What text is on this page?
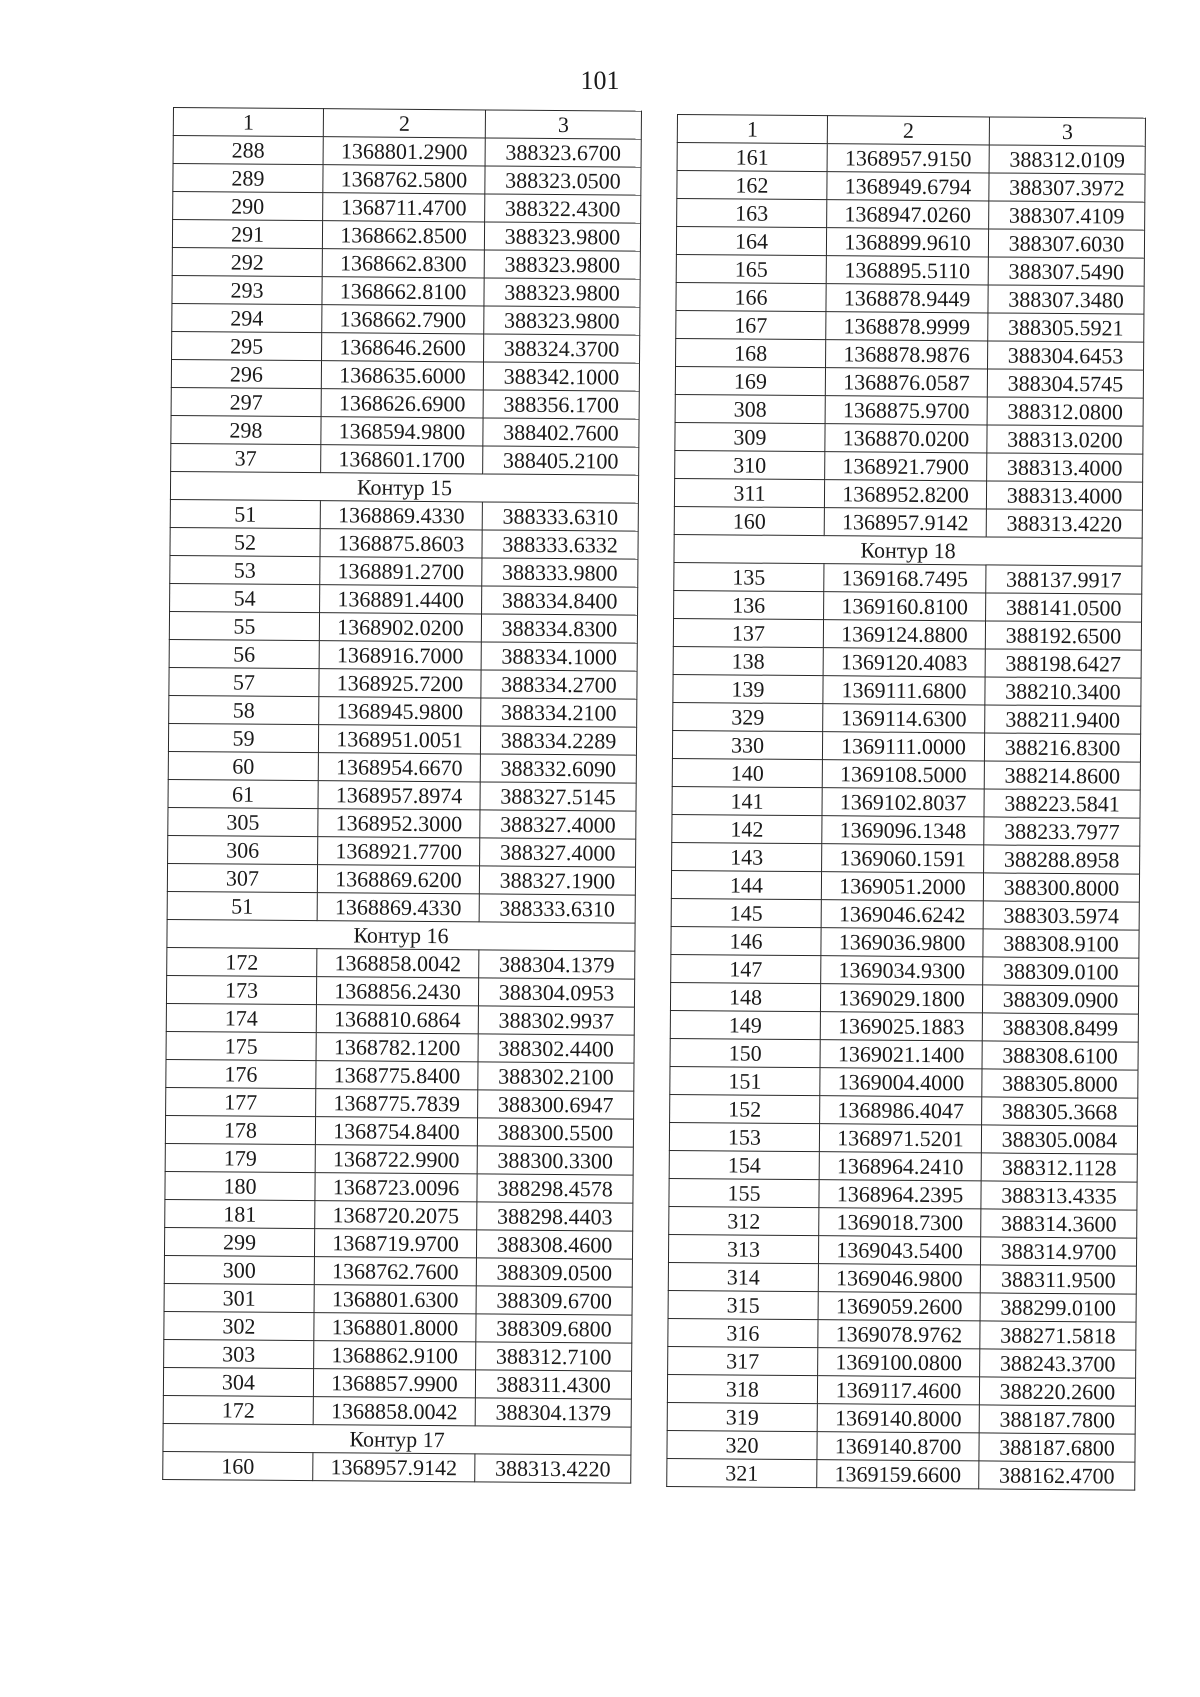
101
1	2	3
288	1368801.2900	388323.6700
289	1368762.5800	388323.0500
290	1368711.4700	388322.4300
291	1368662.8500	388323.9800
292	1368662.8300	388323.9800
293	1368662.8100	388323.9800
294	1368662.7900	388323.9800
295	1368646.2600	388324.3700
296	1368635.6000	388342.1000
297	1368626.6900	388356.1700
298	1368594.9800	388402.7600
37	1368601.1700	388405.2100
Контур 15		
51	1368869.4330	388333.6310
52	1368875.8603	388333.6332
53	1368891.2700	388333.9800
54	1368891.4400	388334.8400
55	1368902.0200	388334.8300
56	1368916.7000	388334.1000
57	1368925.7200	388334.2700
58	1368945.9800	388334.2100
59	1368951.0051	388334.2289
60	1368954.6670	388332.6090
61	1368957.8974	388327.5145
305	1368952.3000	388327.4000
306	1368921.7700	388327.4000
307	1368869.6200	388327.1900
51	1368869.4330	388333.6310
Контур 16		
172	1368858.0042	388304.1379
173	1368856.2430	388304.0953
174	1368810.6864	388302.9937
175	1368782.1200	388302.4400
176	1368775.8400	388302.2100
177	1368775.7839	388300.6947
178	1368754.8400	388300.5500
179	1368722.9900	388300.3300
180	1368723.0096	388298.4578
181	1368720.2075	388298.4403
299	1368719.9700	388308.4600
300	1368762.7600	388309.0500
301	1368801.6300	388309.6700
302	1368801.8000	388309.6800
303	1368862.9100	388312.7100
304	1368857.9900	388311.4300
172	1368858.0042	388304.1379
Контур 17		
160	1368957.9142	388313.4220
1	2	3
161	1368957.9150	388312.0109
162	1368949.6794	388307.3972
163	1368947.0260	388307.4109
164	1368899.9610	388307.6030
165	1368895.5110	388307.5490
166	1368878.9449	388307.3480
167	1368878.9999	388305.5921
168	1368878.9876	388304.6453
169	1368876.0587	388304.5745
308	1368875.9700	388312.0800
309	1368870.0200	388313.0200
310	1368921.7900	388313.4000
311	1368952.8200	388313.4000
160	1368957.9142	388313.4220
Контур 18		
135	1369168.7495	388137.9917
136	1369160.8100	388141.0500
137	1369124.8800	388192.6500
138	1369120.4083	388198.6427
139	1369111.6800	388210.3400
329	1369114.6300	388211.9400
330	1369111.0000	388216.8300
140	1369108.5000	388214.8600
141	1369102.8037	388223.5841
142	1369096.1348	388233.7977
143	1369060.1591	388288.8958
144	1369051.2000	388300.8000
145	1369046.6242	388303.5974
146	1369036.9800	388308.9100
147	1369034.9300	388309.0100
148	1369029.1800	388309.0900
149	1369025.1883	388308.8499
150	1369021.1400	388308.6100
151	1369004.4000	388305.8000
152	1368986.4047	388305.3668
153	1368971.5201	388305.0084
154	1368964.2410	388312.1128
155	1368964.2395	388313.4335
312	1369018.7300	388314.3600
313	1369043.5400	388314.9700
314	1369046.9800	388311.9500
315	1369059.2600	388299.0100
316	1369078.9762	388271.5818
317	1369100.0800	388243.3700
318	1369117.4600	388220.2600
319	1369140.8000	388187.7800
320	1369140.8700	388187.6800
321	1369159.6600	388162.4700
